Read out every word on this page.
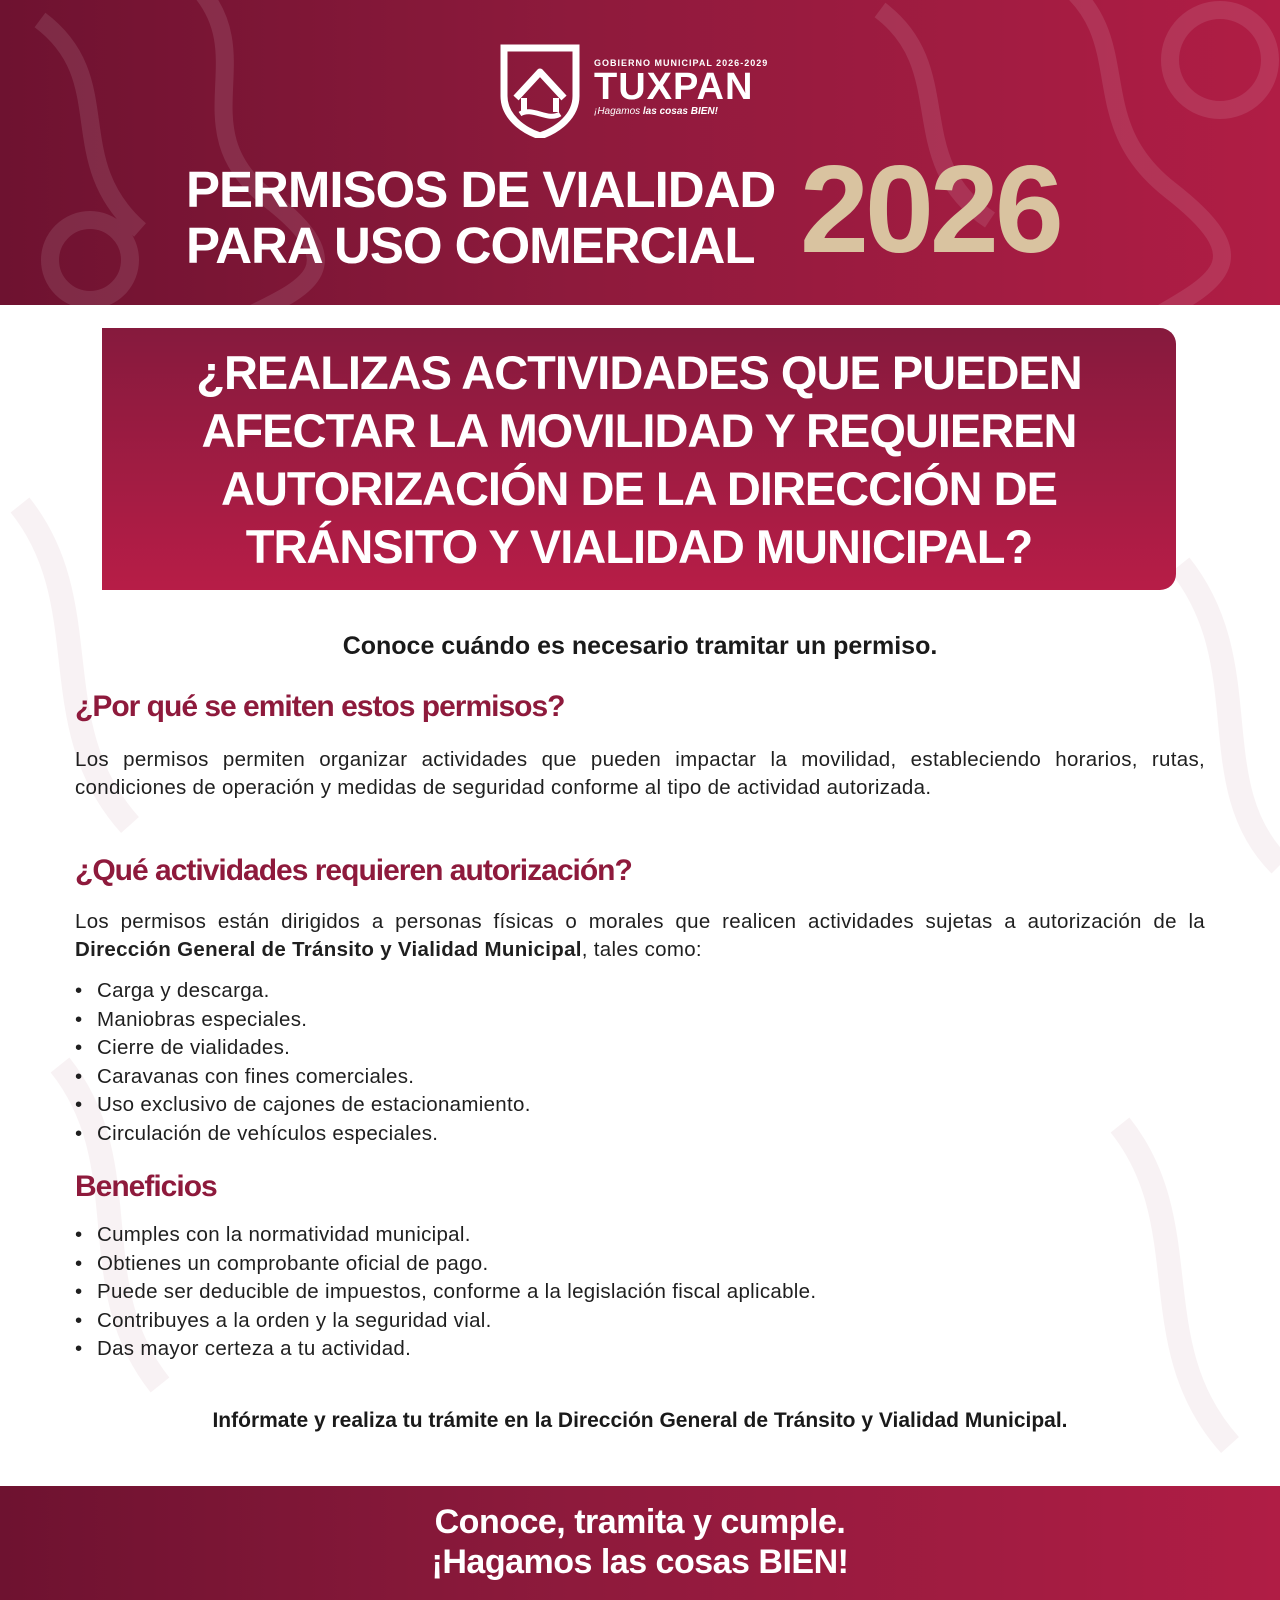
GOBIERNO MUNICIPAL 2026-2029
TUXPAN
¡Hagamos las cosas BIEN!
PERMISOS DE VIALIDAD
PARA USO COMERCIAL 2026
¿REALIZAS ACTIVIDADES QUE PUEDEN
AFECTAR LA MOVILIDAD Y REQUIEREN
AUTORIZACIÓN DE LA DIRECCIÓN DE
TRÁNSITO Y VIALIDAD MUNICIPAL?
Conoce cuándo es necesario tramitar un permiso.
¿Por qué se emiten estos permisos?
Los permisos permiten organizar actividades que pueden impactar la movilidad, estableciendo horarios, rutas, condiciones de operación y medidas de seguridad conforme al tipo de actividad autorizada.
¿Qué actividades requieren autorización?
Los permisos están dirigidos a personas físicas o morales que realicen actividades sujetas a autorización de la Dirección General de Tránsito y Vialidad Municipal, tales como:
• Carga y descarga.
• Maniobras especiales.
• Cierre de vialidades.
• Caravanas con fines comerciales.
• Uso exclusivo de cajones de estacionamiento.
• Circulación de vehículos especiales.
Beneficios
• Cumples con la normatividad municipal.
• Obtienes un comprobante oficial de pago.
• Puede ser deducible de impuestos, conforme a la legislación fiscal aplicable.
• Contribuyes a la orden y la seguridad vial.
• Das mayor certeza a tu actividad.
Infórmate y realiza tu trámite en la Dirección General de Tránsito y Vialidad Municipal.
Conoce, tramita y cumple.
¡Hagamos las cosas BIEN!
